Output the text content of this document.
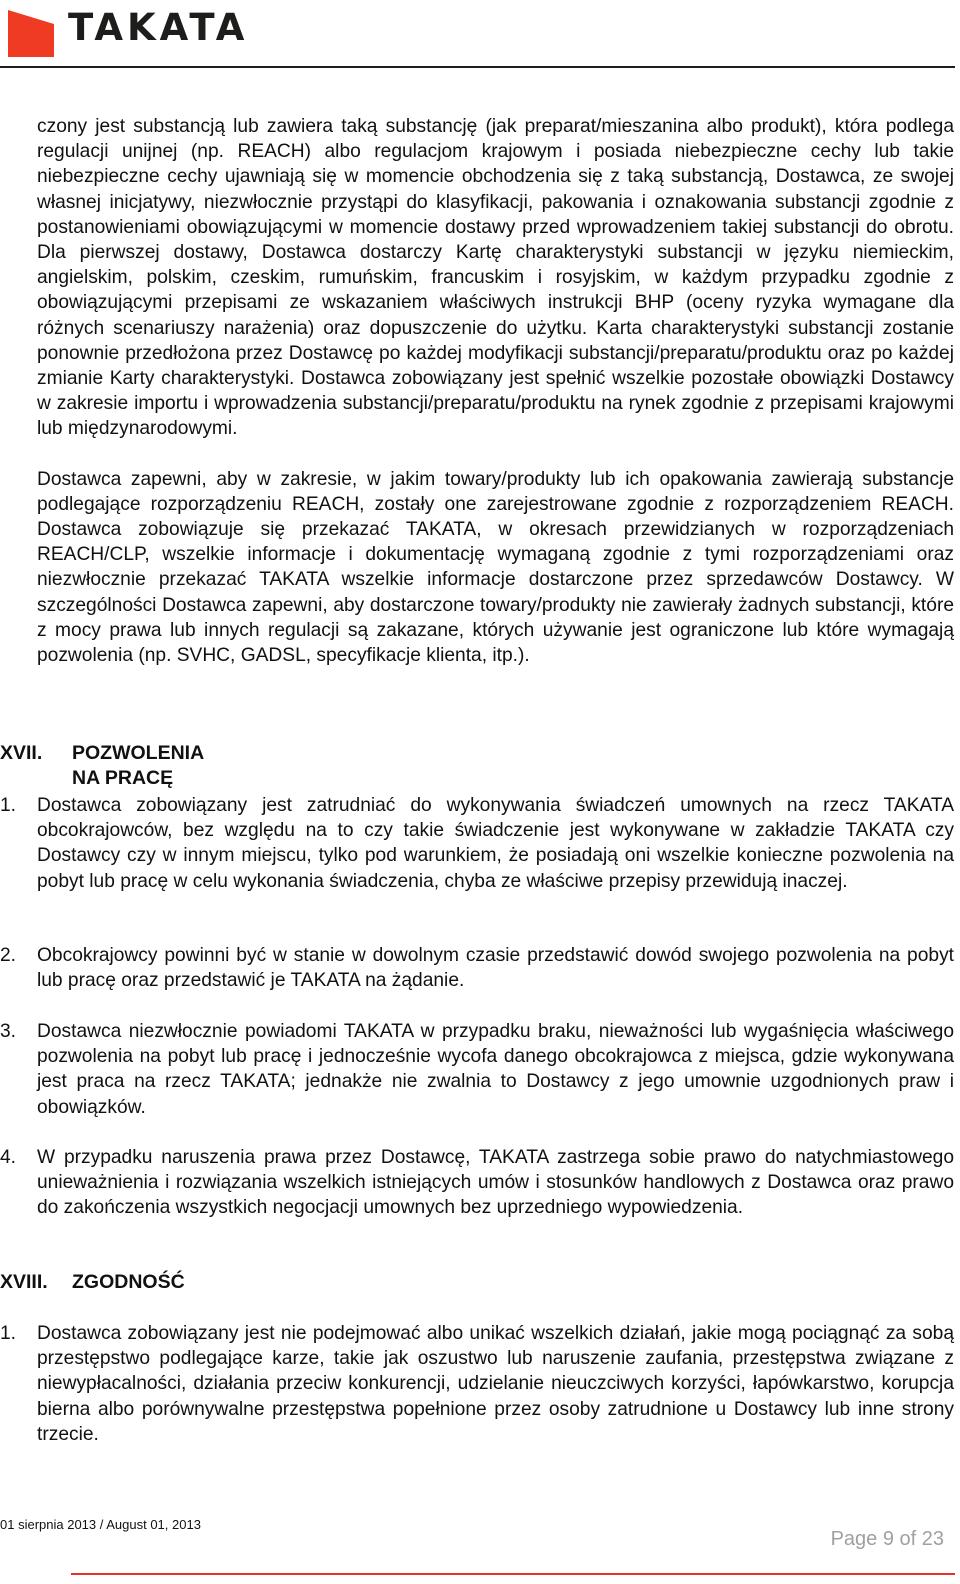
TAKATA

czony jest substancją lub zawiera taką substancję (jak preparat/mieszanina albo produkt), która podlega regulacji unijnej (np. REACH) albo regulacjom krajowym i posiada niebezpieczne cechy lub takie niebezpieczne cechy ujawniają się w momencie obchodzenia się z taką substancją, Dostawca, ze swojej własnej inicjatywy, niezwłocznie przystąpi do klasyfikacji, pakowania i oznakowania substancji zgodnie z postanowieniami obowiązującymi w momencie dostawy przed wprowadzeniem takiej substancji do obrotu. Dla pierwszej dostawy, Dostawca dostarczy Kartę charakterystyki substancji w języku niemieckim, angielskim, polskim, czeskim, rumuńskim, francuskim i rosyjskim, w każdym przypadku zgodnie z obowiązującymi przepisami ze wskazaniem właściwych instrukcji BHP (oceny ryzyka wymagane dla różnych scenariuszy narażenia) oraz dopuszczenie do użytku. Karta charakterystyki substancji zostanie ponownie przedłożona przez Dostawcę po każdej modyfikacji substancji/preparatu/produktu oraz po każdej zmianie Karty charakterystyki. Dostawca zobowiązany jest spełnić wszelkie pozostałe obowiązki Dostawcy w zakresie importu i wprowadzenia substancji/preparatu/produktu na rynek zgodnie z przepisami krajowymi lub międzynarodowymi.

Dostawca zapewni, aby w zakresie, w jakim towary/produkty lub ich opakowania zawierają substancje podlegające rozporządzeniu REACH, zostały one zarejestrowane zgodnie z rozporządzeniem REACH. Dostawca zobowiązuje się przekazać TAKATA, w okresach przewidzianych w rozporządzeniach REACH/CLP, wszelkie informacje i dokumentację wymaganą zgodnie z tymi rozporządzeniami oraz niezwłocznie przekazać TAKATA wszelkie informacje dostarczone przez sprzedawców Dostawcy. W szczególności Dostawca zapewni, aby dostarczone towary/produkty nie zawierały żadnych substancji, które z mocy prawa lub innych regulacji są zakazane, których używanie jest ograniczone lub które wymagają pozwolenia (np. SVHC, GADSL, specyfikacje klienta, itp.).

XVII. POZWOLENIA NA PRACĘ
1. Dostawca zobowiązany jest zatrudniać do wykonywania świadczeń umownych na rzecz TAKATA obcokrajowców, bez względu na to czy takie świadczenie jest wykonywane w zakładzie TAKATA czy Dostawcy czy w innym miejscu, tylko pod warunkiem, że posiadają oni wszelkie konieczne pozwolenia na pobyt lub pracę w celu wykonania świadczenia, chyba ze właściwe przepisy przewidują inaczej.
2. Obcokrajowcy powinni być w stanie w dowolnym czasie przedstawić dowód swojego pozwolenia na pobyt lub pracę oraz przedstawić je TAKATA na żądanie.
3. Dostawca niezwłocznie powiadomi TAKATA w przypadku braku, nieważności lub wygaśnięcia właściwego pozwolenia na pobyt lub pracę i jednocześnie wycofa danego obcokrajowca z miejsca, gdzie wykonywana jest praca na rzecz TAKATA; jednakże nie zwalnia to Dostawcy z jego umownie uzgodnionych praw i obowiązków.
4. W przypadku naruszenia prawa przez Dostawcę, TAKATA zastrzega sobie prawo do natychmiastowego unieważnienia i rozwiązania wszelkich istniejących umów i stosunków handlowych z Dostawca oraz prawo do zakończenia wszystkich negocjacji umownych bez uprzedniego wypowiedzenia.
XVIII. ZGODNOŚĆ
1. Dostawca zobowiązany jest nie podejmować albo unikać wszelkich działań, jakie mogą pociągnąć za sobą przestępstwo podlegające karze, takie jak oszustwo lub naruszenie zaufania, przestępstwa związane z niewypłacalności, działania przeciw konkurencji, udzielanie nieuczciwych korzyści, łapówkarstwo, korupcja bierna albo porównywalne przestępstwa popełnione przez osoby zatrudnione u Dostawcy lub inne strony trzecie.
01 sierpnia 2013 / August 01, 2013
Page 9 of 23
